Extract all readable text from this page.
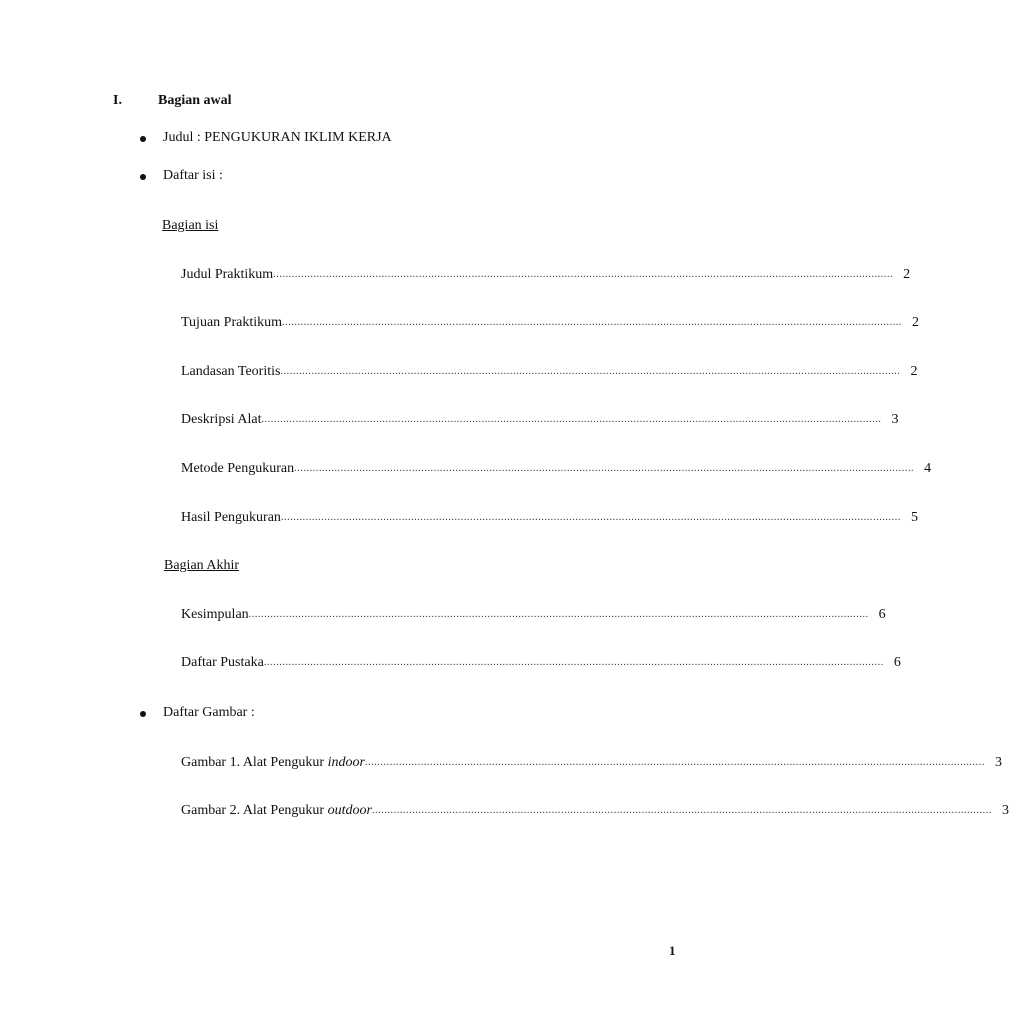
I.	Bagian awal
Judul : PENGUKURAN IKLIM KERJA
Daftar isi :
Bagian isi
Judul Praktikum ........................................................................................................................................................................................................ 2
Tujuan Praktikum ........................................................................................................................................................................................................ 2
Landasan Teoritis ........................................................................................................................................................................................................ 2
Deskripsi Alat ........................................................................................................................................................................................................ 3
Metode Pengukuran ........................................................................................................................................................................................................ 4
Hasil Pengukuran ........................................................................................................................................................................................................ 5
Bagian Akhir
Kesimpulan ........................................................................................................................................................................................................ 6
Daftar Pustaka ........................................................................................................................................................................................................ 6
Daftar Gambar :
Gambar 1. Alat Pengukur indoor ........................................................................................................................................................................................................ 3
Gambar 2. Alat Pengukur outdoor ........................................................................................................................................................................................................ 3
1
